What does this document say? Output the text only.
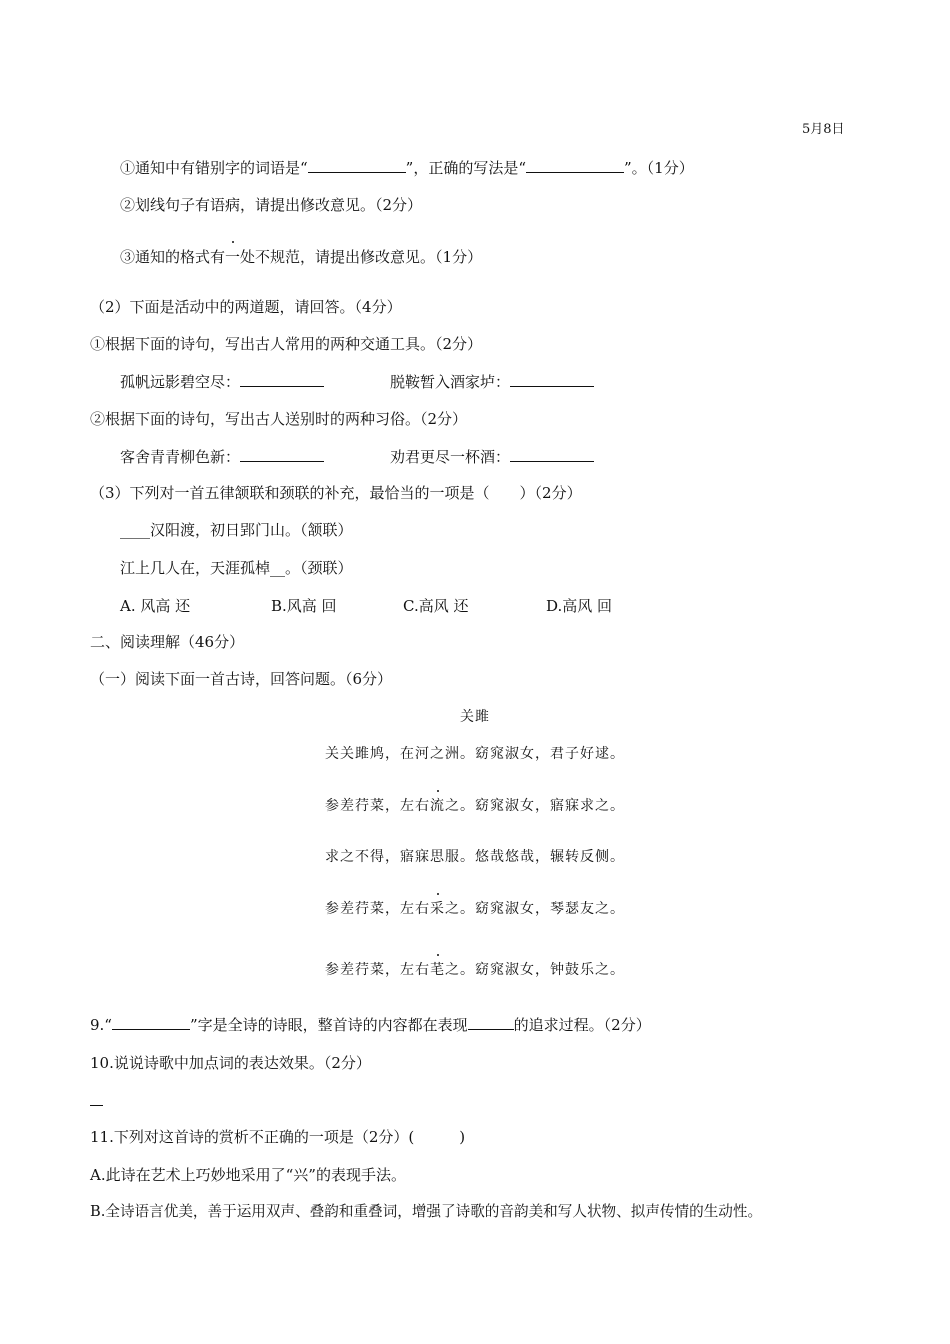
5月8日
①通知中有错别字的词语是“	”，正确的写法是“	”。（1分）
②划线句子有语病，请提出修改意见。（2分）
③通知的格式有一处不规范，请提出修改意见。（1分）
（2）下面是活动中的两道题，请回答。（4分）
①根据下面的诗句，写出古人常用的两种交通工具。（2分）
孤帆远影碧空尽：	脱鞍暂入酒家垆：
②根据下面的诗句，写出古人送别时的两种习俗。（2分）
客舍青青柳色新：	劝君更尽一杯酒：
（3）下列对一首五律颔联和颈联的补充，最恰当的一项是（　　）（2分）
____汉阳渡，初日郢门山。（颔联）
江上几人在，天涯孤棹__。（颈联）
A. 风高 还	B.风高 回	C.高风 还	D.高风 回
二、阅读理解（46分）
（一）阅读下面一首古诗，回答问题。（6分）
关雎
关关雎鸠，在河之洲。窈窕淑女，君子好逑。
参差荇菜，左右流之。窈窕淑女，寤寐求之。
求之不得，寤寐思服。悠哉悠哉，辗转反侧。
参差荇菜，左右采之。窈窕淑女，琴瑟友之。
参差荇菜，左右芼之。窈窕淑女，钟鼓乐之。
9.“	”字是全诗的诗眼，整首诗的内容都在表现	的追求过程。（2分）
10.说说诗歌中加点词的表达效果。（2分）
11.下列对这首诗的赏析不正确的一项是（2分）(　　　)
A.此诗在艺术上巧妙地采用了“兴”的表现手法。
B.全诗语言优美，善于运用双声、叠韵和重叠词，增强了诗歌的音韵美和写人状物、拟声传情的生动性。
